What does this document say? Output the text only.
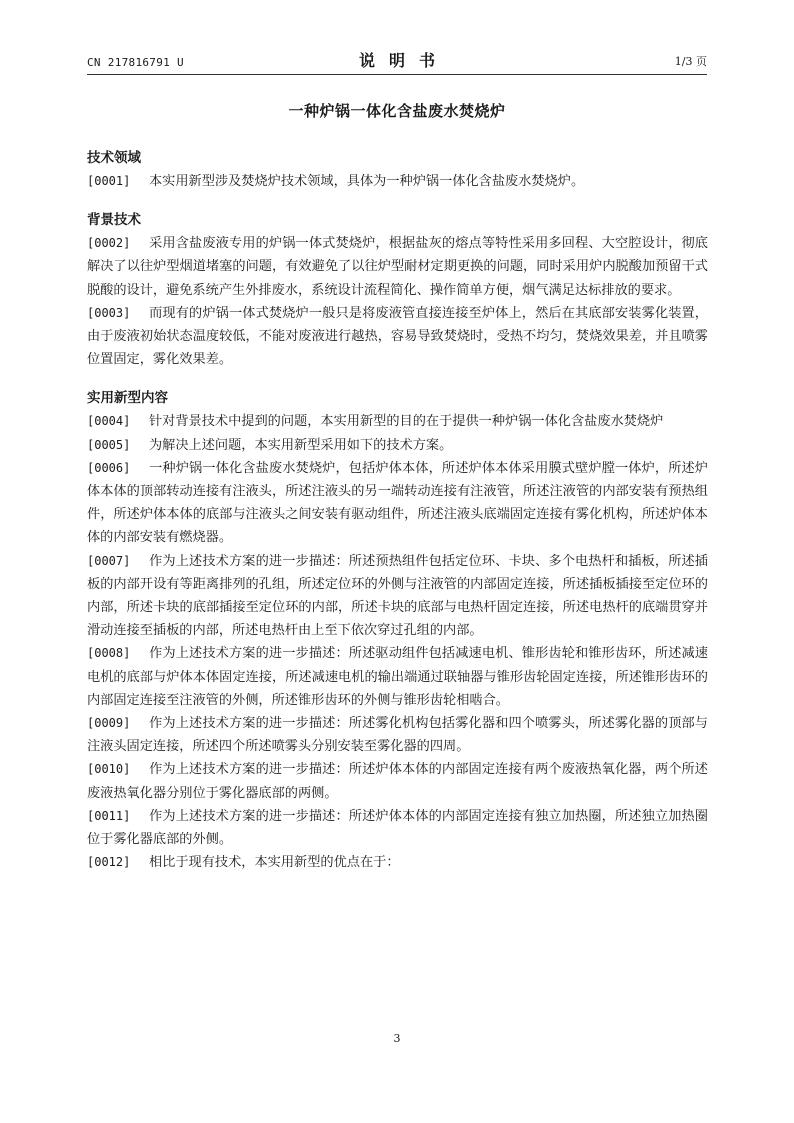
CN 217816791 U	说明书	1/3 页
一种炉锅一体化含盐废水焚烧炉

技术领域

[0001] 本实用新型涉及焚烧炉技术领域，具体为一种炉锅一体化含盐废水焚烧炉。

背景技术

[0002] 采用含盐废液专用的炉锅一体式焚烧炉，根据盐灰的熔点等特性采用多回程、大空腔设计，彻底解决了以往炉型烟道堵塞的问题，有效避免了以往炉型耐材定期更换的问题，同时采用炉内脱酸加预留干式脱酸的设计，避免系统产生外排废水，系统设计流程简化、操作简单方便，烟气满足达标排放的要求。

[0003] 而现有的炉锅一体式焚烧炉一般只是将废液管直接连接至炉体上，然后在其底部安装雾化装置，由于废液初始状态温度较低，不能对废液进行越热，容易导致焚烧时，受热不均匀，焚烧效果差，并且喷雾位置固定，雾化效果差。

实用新型内容

[0004] 针对背景技术中提到的问题，本实用新型的目的在于提供一种炉锅一体化含盐废水焚烧炉

[0005] 为解决上述问题，本实用新型采用如下的技术方案。

[0006] 一种炉锅一体化含盐废水焚烧炉，包括炉体本体，所述炉体本体采用膜式壁炉膛一体炉，所述炉体本体的顶部转动连接有注液头，所述注液头的另一端转动连接有注液管，所述注液管的内部安装有预热组件，所述炉体本体的底部与注液头之间安装有驱动组件，所述注液头底端固定连接有雾化机构，所述炉体本体的内部安装有燃烧器。

[0007] 作为上述技术方案的进一步描述：所述预热组件包括定位环、卡块、多个电热杆和插板，所述插板的内部开设有等距离排列的孔组，所述定位环的外侧与注液管的内部固定连接，所述插板插接至定位环的内部，所述卡块的底部插接至定位环的内部，所述卡块的底部与电热杆固定连接，所述电热杆的底端贯穿并滑动连接至插板的内部，所述电热杆由上至下依次穿过孔组的内部。

[0008] 作为上述技术方案的进一步描述：所述驱动组件包括减速电机、锥形齿轮和锥形齿环，所述减速电机的底部与炉体本体固定连接，所述减速电机的输出端通过联轴器与锥形齿轮固定连接，所述锥形齿环的内部固定连接至注液管的外侧，所述锥形齿环的外侧与锥形齿轮相啮合。

[0009] 作为上述技术方案的进一步描述：所述雾化机构包括雾化器和四个喷雾头，所述雾化器的顶部与注液头固定连接，所述四个所述喷雾头分别安装至雾化器的四周。

[0010] 作为上述技术方案的进一步描述：所述炉体本体的内部固定连接有两个废液热氧化器，两个所述废液热氧化器分别位于雾化器底部的两侧。

[0011] 作为上述技术方案的进一步描述：所述炉体本体的内部固定连接有独立加热圈，所述独立加热圈位于雾化器底部的外侧。

[0012] 相比于现有技术，本实用新型的优点在于：

3
